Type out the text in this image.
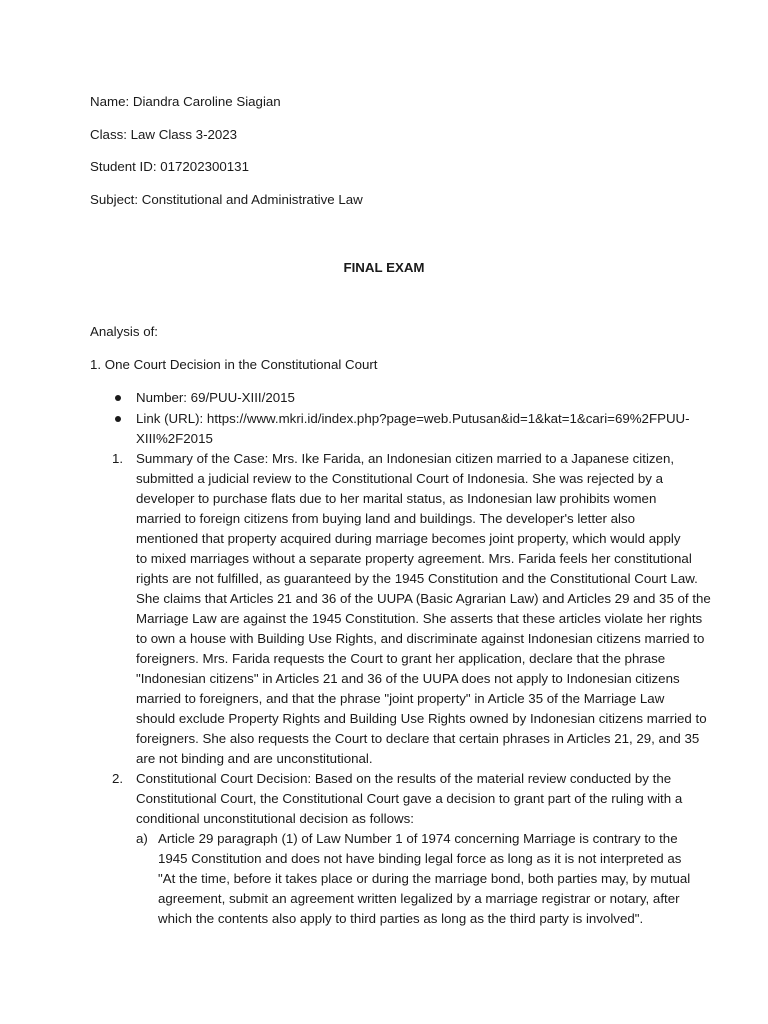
Name: Diandra Caroline Siagian
Class: Law Class 3-2023
Student ID: 017202300131
Subject: Constitutional and Administrative Law
FINAL EXAM
Analysis of:
1. One Court Decision in the Constitutional Court
Number: 69/PUU-XIII/2015
Link (URL): https://www.mkri.id/index.php?page=web.Putusan&id=1&kat=1&cari=69%2FPUU-
XIII%2F2015
1. Summary of the Case: Mrs. Ike Farida, an Indonesian citizen married to a Japanese citizen,
submitted a judicial review to the Constitutional Court of Indonesia. She was rejected by a
developer to purchase flats due to her marital status, as Indonesian law prohibits women
married to foreign citizens from buying land and buildings. The developer's letter also
mentioned that property acquired during marriage becomes joint property, which would apply
to mixed marriages without a separate property agreement. Mrs. Farida feels her constitutional
rights are not fulfilled, as guaranteed by the 1945 Constitution and the Constitutional Court Law.
She claims that Articles 21 and 36 of the UUPA (Basic Agrarian Law) and Articles 29 and 35 of the
Marriage Law are against the 1945 Constitution. She asserts that these articles violate her rights
to own a house with Building Use Rights, and discriminate against Indonesian citizens married to
foreigners. Mrs. Farida requests the Court to grant her application, declare that the phrase
"Indonesian citizens" in Articles 21 and 36 of the UUPA does not apply to Indonesian citizens
married to foreigners, and that the phrase "joint property" in Article 35 of the Marriage Law
should exclude Property Rights and Building Use Rights owned by Indonesian citizens married to
foreigners. She also requests the Court to declare that certain phrases in Articles 21, 29, and 35
are not binding and are unconstitutional.
2. Constitutional Court Decision: Based on the results of the material review conducted by the
Constitutional Court, the Constitutional Court gave a decision to grant part of the ruling with a
conditional unconstitutional decision as follows:
a) Article 29 paragraph (1) of Law Number 1 of 1974 concerning Marriage is contrary to the
1945 Constitution and does not have binding legal force as long as it is not interpreted as
"At the time, before it takes place or during the marriage bond, both parties may, by mutual
agreement, submit an agreement written legalized by a marriage registrar or notary, after
which the contents also apply to third parties as long as the third party is involved".
